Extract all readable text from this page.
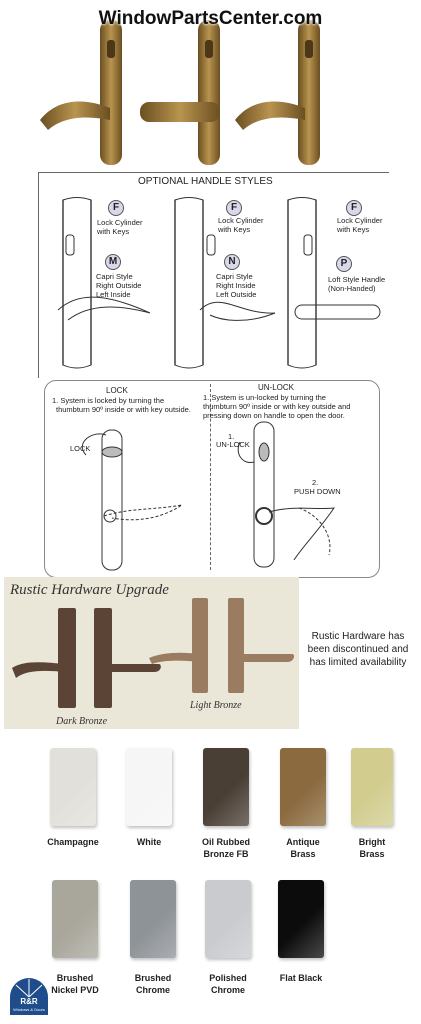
WindowPartsCenter.com
OPTIONAL HANDLE STYLES
F
Lock Cylinder
with Keys
M
Capri Style
Right Outside
Left Inside
F
Lock Cylinder
with Keys
N
Capri Style
Right Inside
Left Outside
F
Lock Cylinder
with Keys
P
Loft Style Handle
(Non-Handed)
LOCK
1. System is locked by turning the
thumbturn 90º inside or with key outside.
LOCK
UN-LOCK
1. System is un-locked by turning the
thumbturn 90º inside or with key outside and
pressing down on handle to open the door.
1.
UN-LOCK
2.
PUSH DOWN
Rustic Hardware Upgrade
Dark Bronze
Light Bronze
Rustic Hardware has been discontinued and has limited availability
Champagne	White	Oil Rubbed
Bronze FB
Antique
Brass
Bright
Brass
Brushed
Nickel PVD
Brushed
Chrome
Polished
Chrome
Flat Black
R&R
Windows & Doors
